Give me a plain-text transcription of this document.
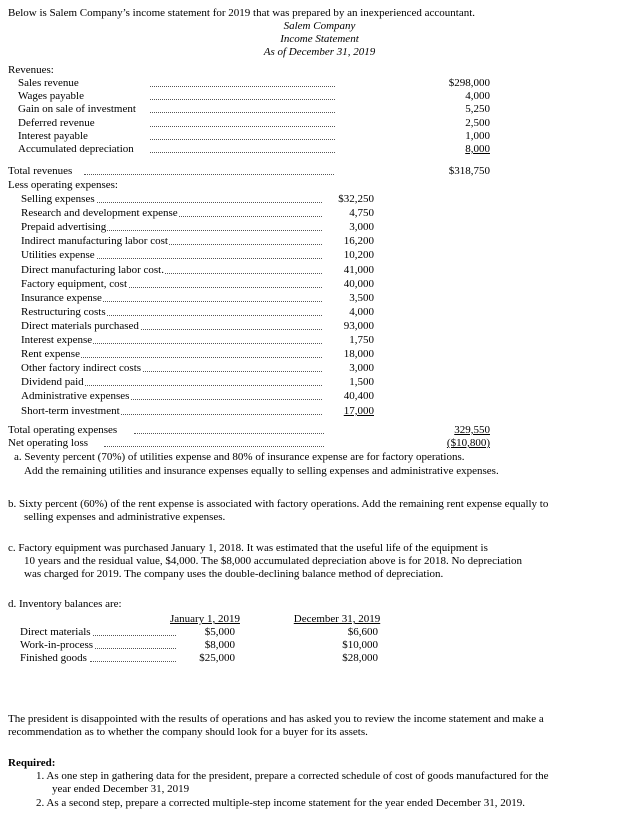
Below is Salem Company’s income statement for 2019 that was prepared by an inexperienced accountant.
Salem Company
Income Statement
As of December 31, 2019
Revenues:
Sales revenue	$298,000
Wages payable	4,000
Gain on sale of investment	5,250
Deferred revenue	2,500
Interest payable	1,000
Accumulated depreciation	8,000
Total revenues	$318,750
Less operating expenses:
Selling expenses	$32,250
Research and development expense	4,750
Prepaid advertising	3,000
Indirect manufacturing labor cost	16,200
Utilities expense	10,200
Direct manufacturing labor cost.	41,000
Factory equipment, cost	40,000
Insurance expense	3,500
Restructuring costs	4,000
Direct materials purchased	93,000
Interest expense	1,750
Rent expense	18,000
Other factory indirect costs	3,000
Dividend paid	1,500
Administrative expenses	40,400
Short-term investment	17,000
Total operating expenses	329,550
Net operating loss	($10,800)
a. Seventy percent (70%) of utilities expense and 80% of insurance expense are for factory operations.
Add the remaining utilities and insurance expenses equally to selling expenses and administrative expenses.
b. Sixty percent (60%) of the rent expense is associated with factory operations. Add the remaining rent expense equally to
selling expenses and administrative expenses.
c. Factory equipment was purchased January 1, 2018. It was estimated that the useful life of the equipment is
10 years and the residual value, $4,000. The $8,000 accumulated depreciation above is for 2018. No depreciation
was charged for 2019. The company uses the double-declining balance method of depreciation.
d. Inventory balances are:
January 1, 2019	December 31, 2019
Direct materials	$5,000	$6,600
Work-in-process	$8,000	$10,000
Finished goods	$25,000	$28,000
The president is disappointed with the results of operations and has asked you to review the income statement and make a
recommendation as to whether the company should look for a buyer for its assets.
Required:
1. As one step in gathering data for the president, prepare a corrected schedule of cost of goods manufactured for the
year ended December 31, 2019
2. As a second step, prepare a corrected multiple-step income statement for the year ended December 31, 2019.
